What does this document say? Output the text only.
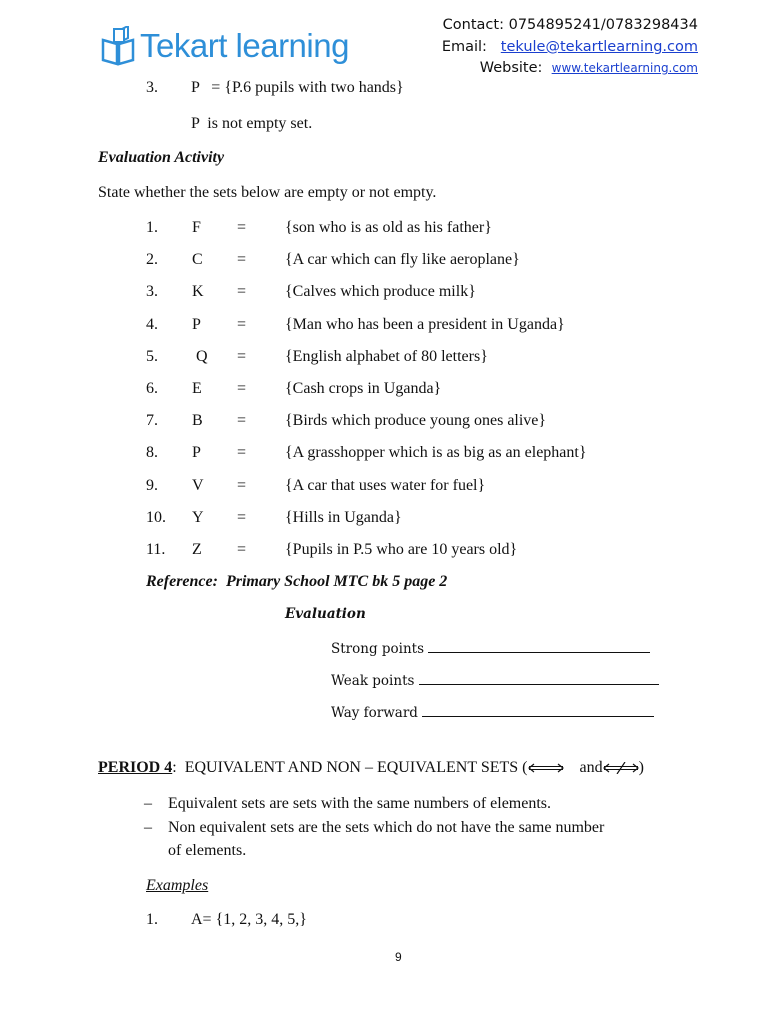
Tekart learning
Contact: 0754895241/0783298434
Email: tekule@tekartlearning.com
Website: www.tekartlearning.com
3. P   = {P.6 pupils with two hands}
P  is not empty set.
Evaluation Activity
State whether the sets below are empty or not empty.
1. F = {son who is as old as his father}
2. C = {A car which can fly like aeroplane}
3. K = {Calves which produce milk}
4. P = {Man who has been a president in Uganda}
5. Q = {English alphabet of 80 letters}
6. E = {Cash crops in Uganda}
7. B = {Birds which produce young ones alive}
8. P = {A grasshopper which is as big as an elephant}
9. V = {A car that uses water for fuel}
10. Y = {Hills in Uganda}
11. Z = {Pupils in P.5 who are 10 years old}
Reference:  Primary School MTC bk 5 page 2
Evaluation
Strong points
Weak points
Way forward
PERIOD 4: EQUIVALENT AND NON – EQUIVALENT SETS (	and )
– Equivalent sets are sets with the same numbers of elements.
– Non equivalent sets are the sets which do not have the same number
of elements.
Examples
1. A= {1, 2, 3, 4, 5,}
9
